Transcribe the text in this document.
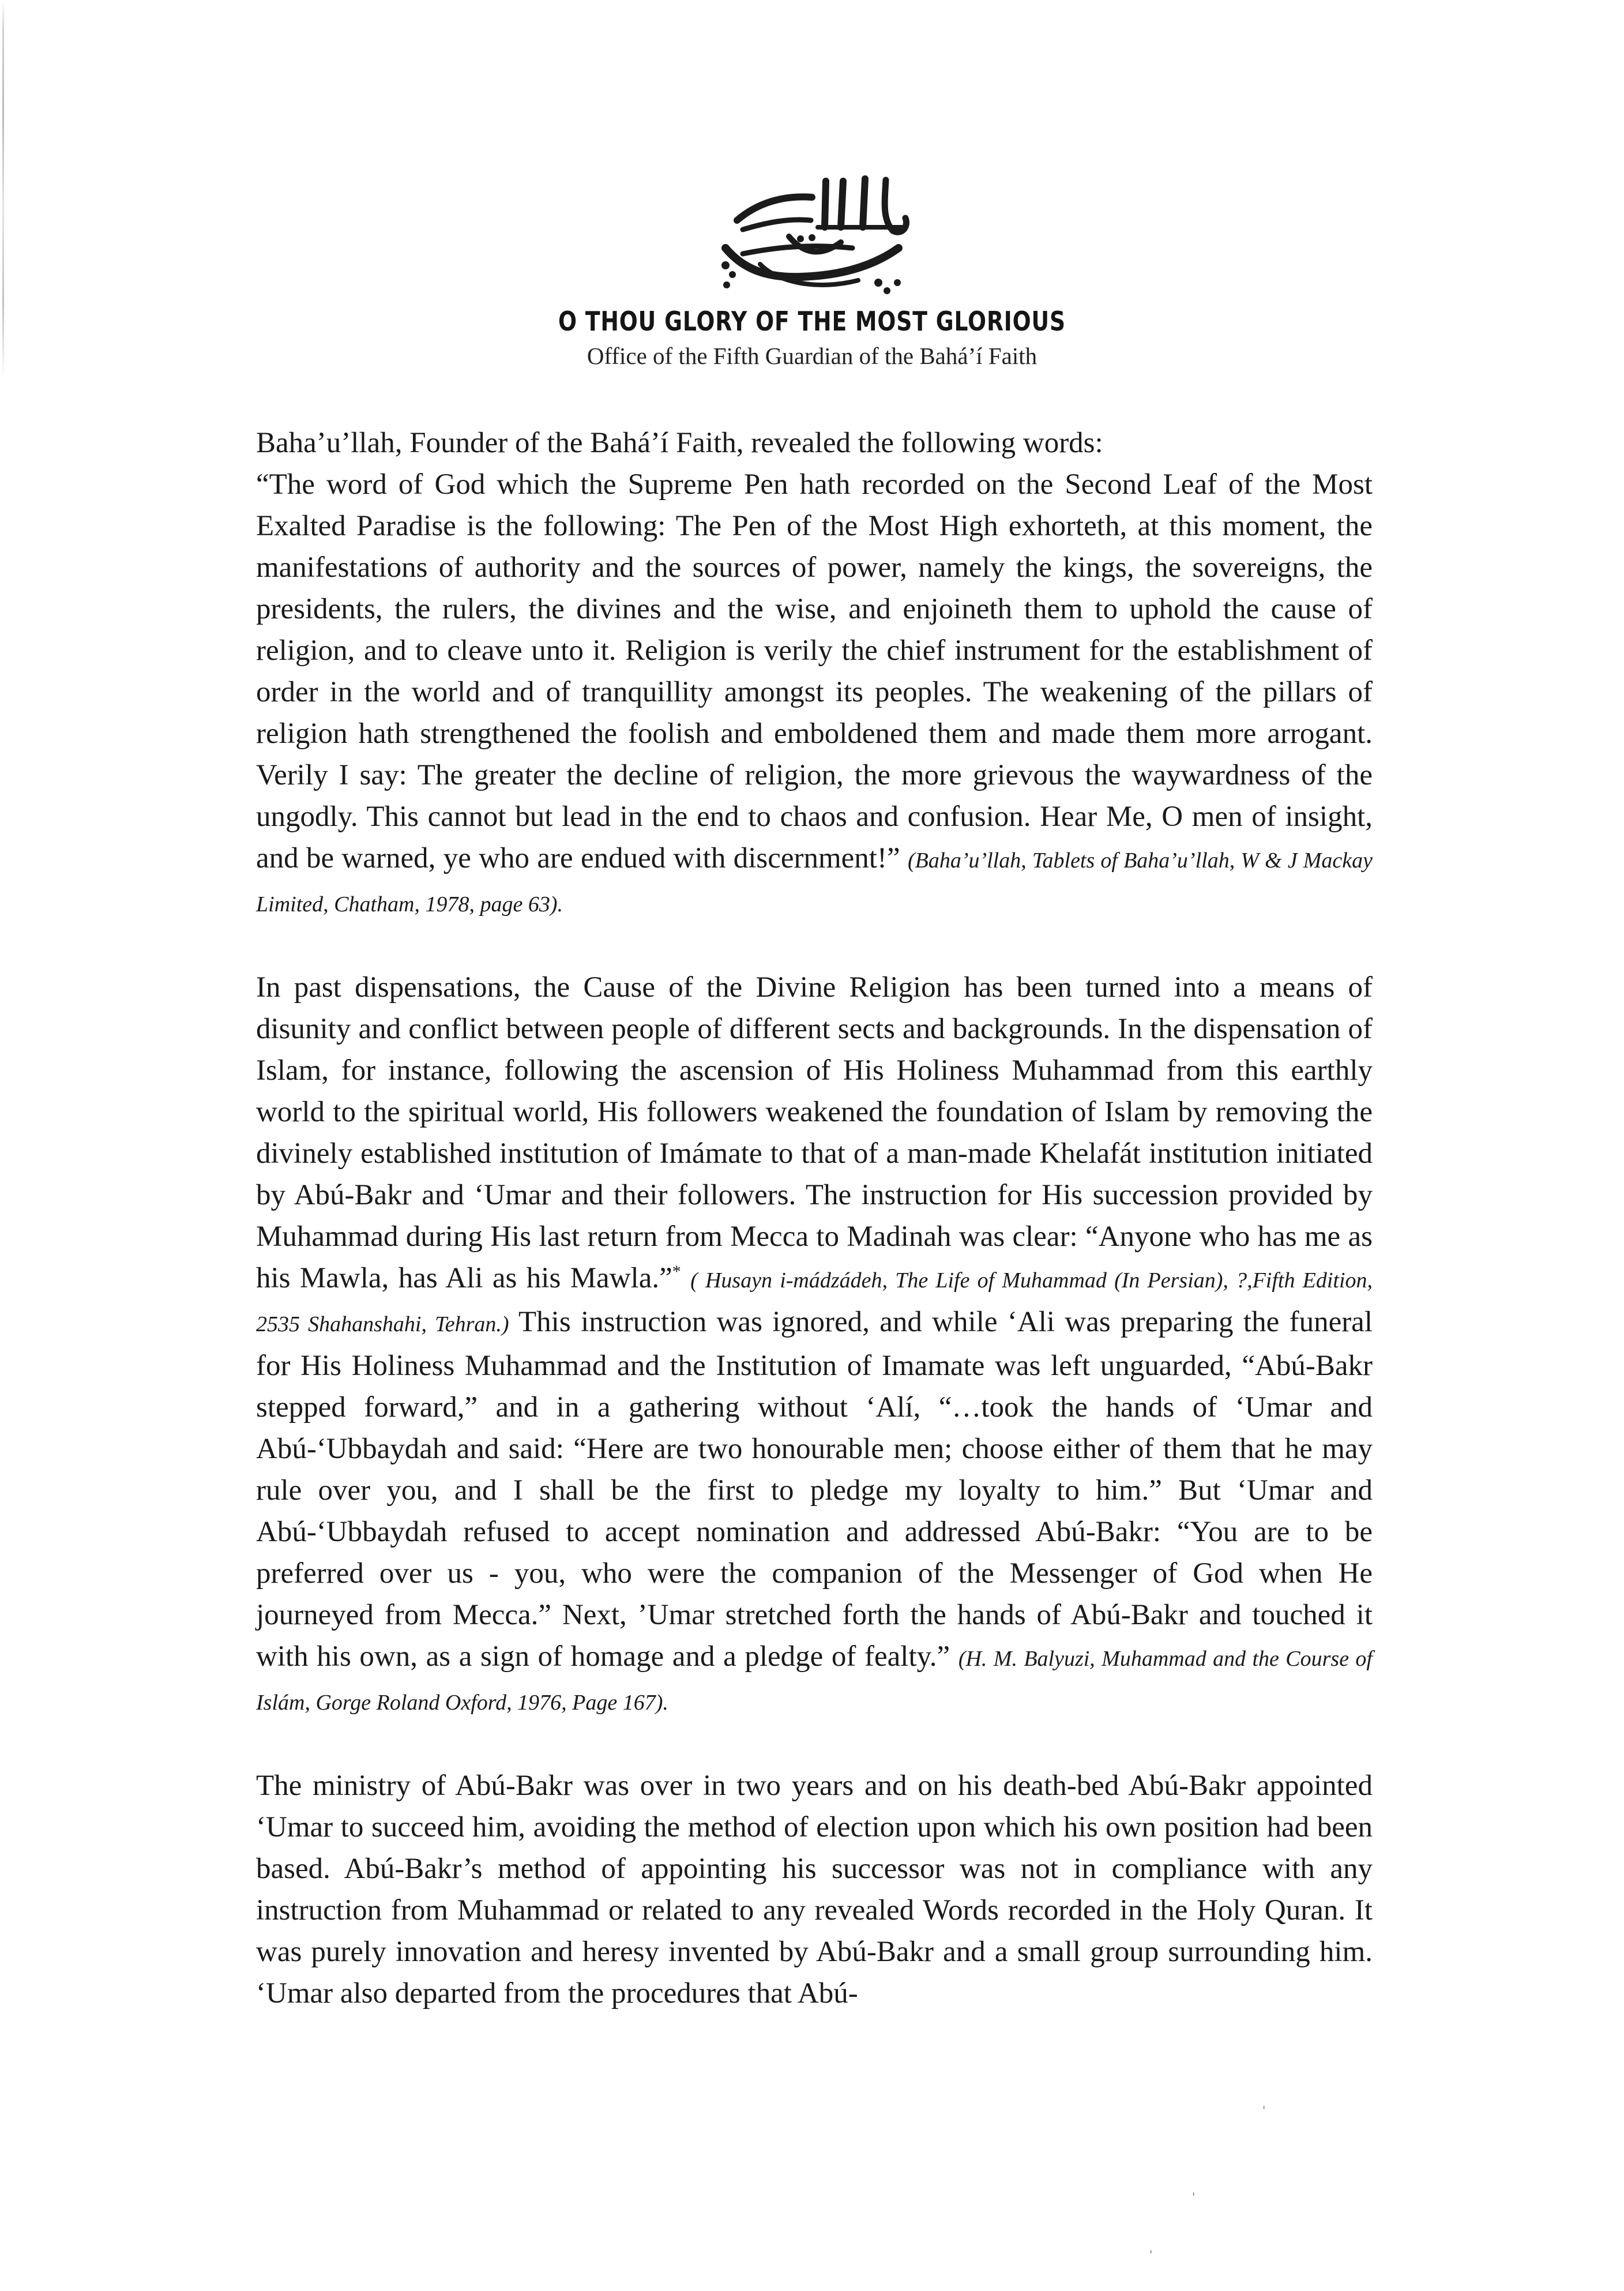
O THOU GLORY OF THE MOST GLORIOUS
Office of the Fifth Guardian of the Bahá’í Faith

Baha’u’llah, Founder of the Bahá’í Faith, revealed the following words:
“The word of God which the Supreme Pen hath recorded on the Second Leaf of the Most Exalted Paradise is the following: The Pen of the Most High exhorteth, at this moment, the manifestations of authority and the sources of power, namely the kings, the sovereigns, the presidents, the rulers, the divines and the wise, and enjoineth them to uphold the cause of religion, and to cleave unto it. Religion is verily the chief instrument for the establishment of order in the world and of tranquillity amongst its peoples. The weakening of the pillars of religion hath strengthened the foolish and emboldened them and made them more arrogant. Verily I say: The greater the decline of religion, the more grievous the waywardness of the ungodly. This cannot but lead in the end to chaos and confusion. Hear Me, O men of insight, and be warned, ye who are endued with discernment!” (Baha’u’llah, Tablets of Baha’u’llah, W & J Mackay Limited, Chatham, 1978, page 63).

In past dispensations, the Cause of the Divine Religion has been turned into a means of disunity and conflict between people of different sects and backgrounds. In the dispensation of Islam, for instance, following the ascension of His Holiness Muhammad from this earthly world to the spiritual world, His followers weakened the foundation of Islam by removing the divinely established institution of Imámate to that of a man-made Khelafát institution initiated by Abú-Bakr and ‘Umar and their followers. The instruction for His succession provided by Muhammad during His last return from Mecca to Madinah was clear: “Anyone who has me as his Mawla, has Ali as his Mawla.”* ( Husayn i-mádzádeh, The Life of Muhammad (In Persian), ?,Fifth Edition, 2535 Shahanshahi, Tehran.) This instruction was ignored, and while ‘Ali was preparing the funeral for His Holiness Muhammad and the Institution of Imamate was left unguarded, “Abú-Bakr stepped forward,” and in a gathering without ‘Alí, “…took the hands of ‘Umar and Abú-‘Ubbaydah and said: “Here are two honourable men; choose either of them that he may rule over you, and I shall be the first to pledge my loyalty to him.” But ‘Umar and Abú-‘Ubbaydah refused to accept nomination and addressed Abú-Bakr: “You are to be preferred over us - you, who were the companion of the Messenger of God when He journeyed from Mecca.” Next, ’Umar stretched forth the hands of Abú-Bakr and touched it with his own, as a sign of homage and a pledge of fealty.” (H. M. Balyuzi, Muhammad and the Course of Islám, Gorge Roland Oxford, 1976, Page 167).

The ministry of Abú-Bakr was over in two years and on his death-bed Abú-Bakr appointed ‘Umar to succeed him, avoiding the method of election upon which his own position had been based. Abú-Bakr’s method of appointing his successor was not in compliance with any instruction from Muhammad or related to any revealed Words recorded in the Holy Quran. It was purely innovation and heresy invented by Abú-Bakr and a small group surrounding him. ‘Umar also departed from the procedures that Abú-

ˌ
ˌ
ˌ
